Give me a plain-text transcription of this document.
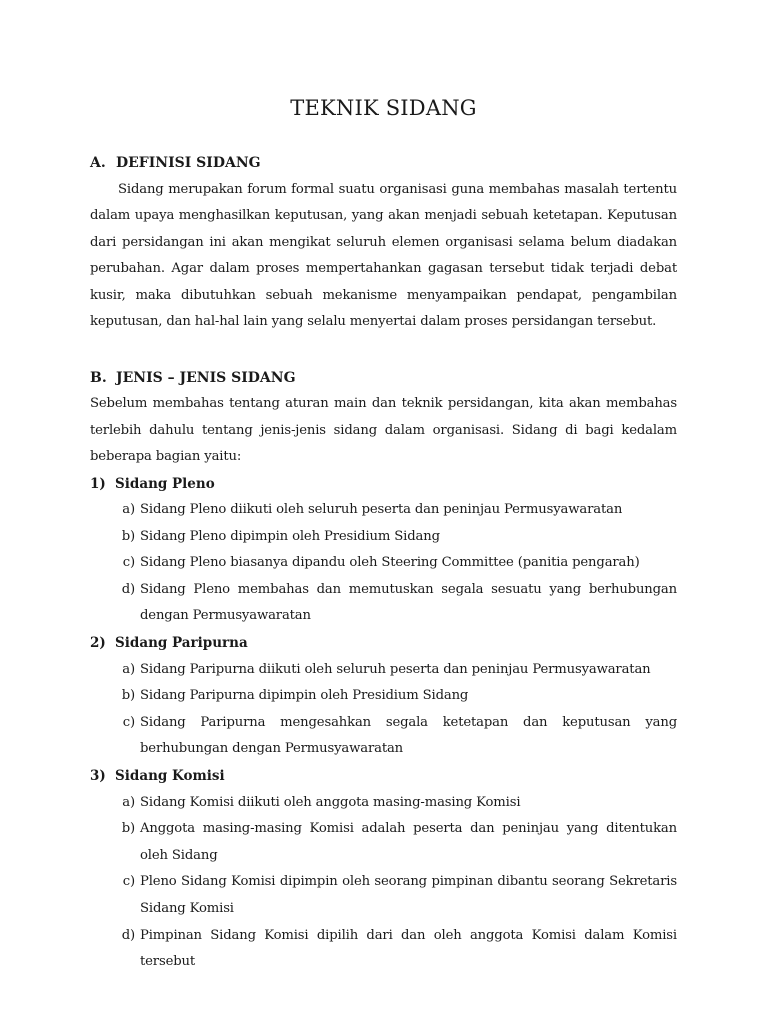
TEKNIK SIDANG
A. DEFINISI SIDANG

Sidang merupakan forum formal suatu organisasi guna membahas masalah tertentu dalam upaya menghasilkan keputusan, yang akan menjadi sebuah ketetapan. Keputusan dari persidangan ini akan mengikat seluruh elemen organisasi selama belum diadakan perubahan. Agar dalam proses mempertahankan gagasan tersebut tidak terjadi debat kusir, maka dibutuhkan sebuah mekanisme menyampaikan pendapat, pengambilan keputusan, dan hal-hal lain yang selalu menyertai dalam proses persidangan tersebut.

B. JENIS – JENIS SIDANG

Sebelum membahas tentang aturan main dan teknik persidangan, kita akan membahas terlebih dahulu tentang jenis-jenis sidang dalam organisasi. Sidang di bagi kedalam beberapa bagian yaitu:

1) Sidang Pleno
a) Sidang Pleno diikuti oleh seluruh peserta dan peninjau Permusyawaratan
b) Sidang Pleno dipimpin oleh Presidium Sidang
c) Sidang Pleno biasanya dipandu oleh Steering Committee (panitia pengarah)
d) Sidang Pleno membahas dan memutuskan segala sesuatu yang berhubungan dengan Permusyawaratan
2) Sidang Paripurna
a) Sidang Paripurna diikuti oleh seluruh peserta dan peninjau Permusyawaratan
b) Sidang Paripurna dipimpin oleh Presidium Sidang
c) Sidang Paripurna mengesahkan segala ketetapan dan keputusan yang berhubungan dengan Permusyawaratan
3) Sidang Komisi
a) Sidang Komisi diikuti oleh anggota masing-masing Komisi
b) Anggota masing-masing Komisi adalah peserta dan peninjau yang ditentukan oleh Sidang
c) Pleno Sidang Komisi dipimpin oleh seorang pimpinan dibantu seorang Sekretaris Sidang Komisi
d) Pimpinan Sidang Komisi dipilih dari dan oleh anggota Komisi dalam Komisi tersebut
